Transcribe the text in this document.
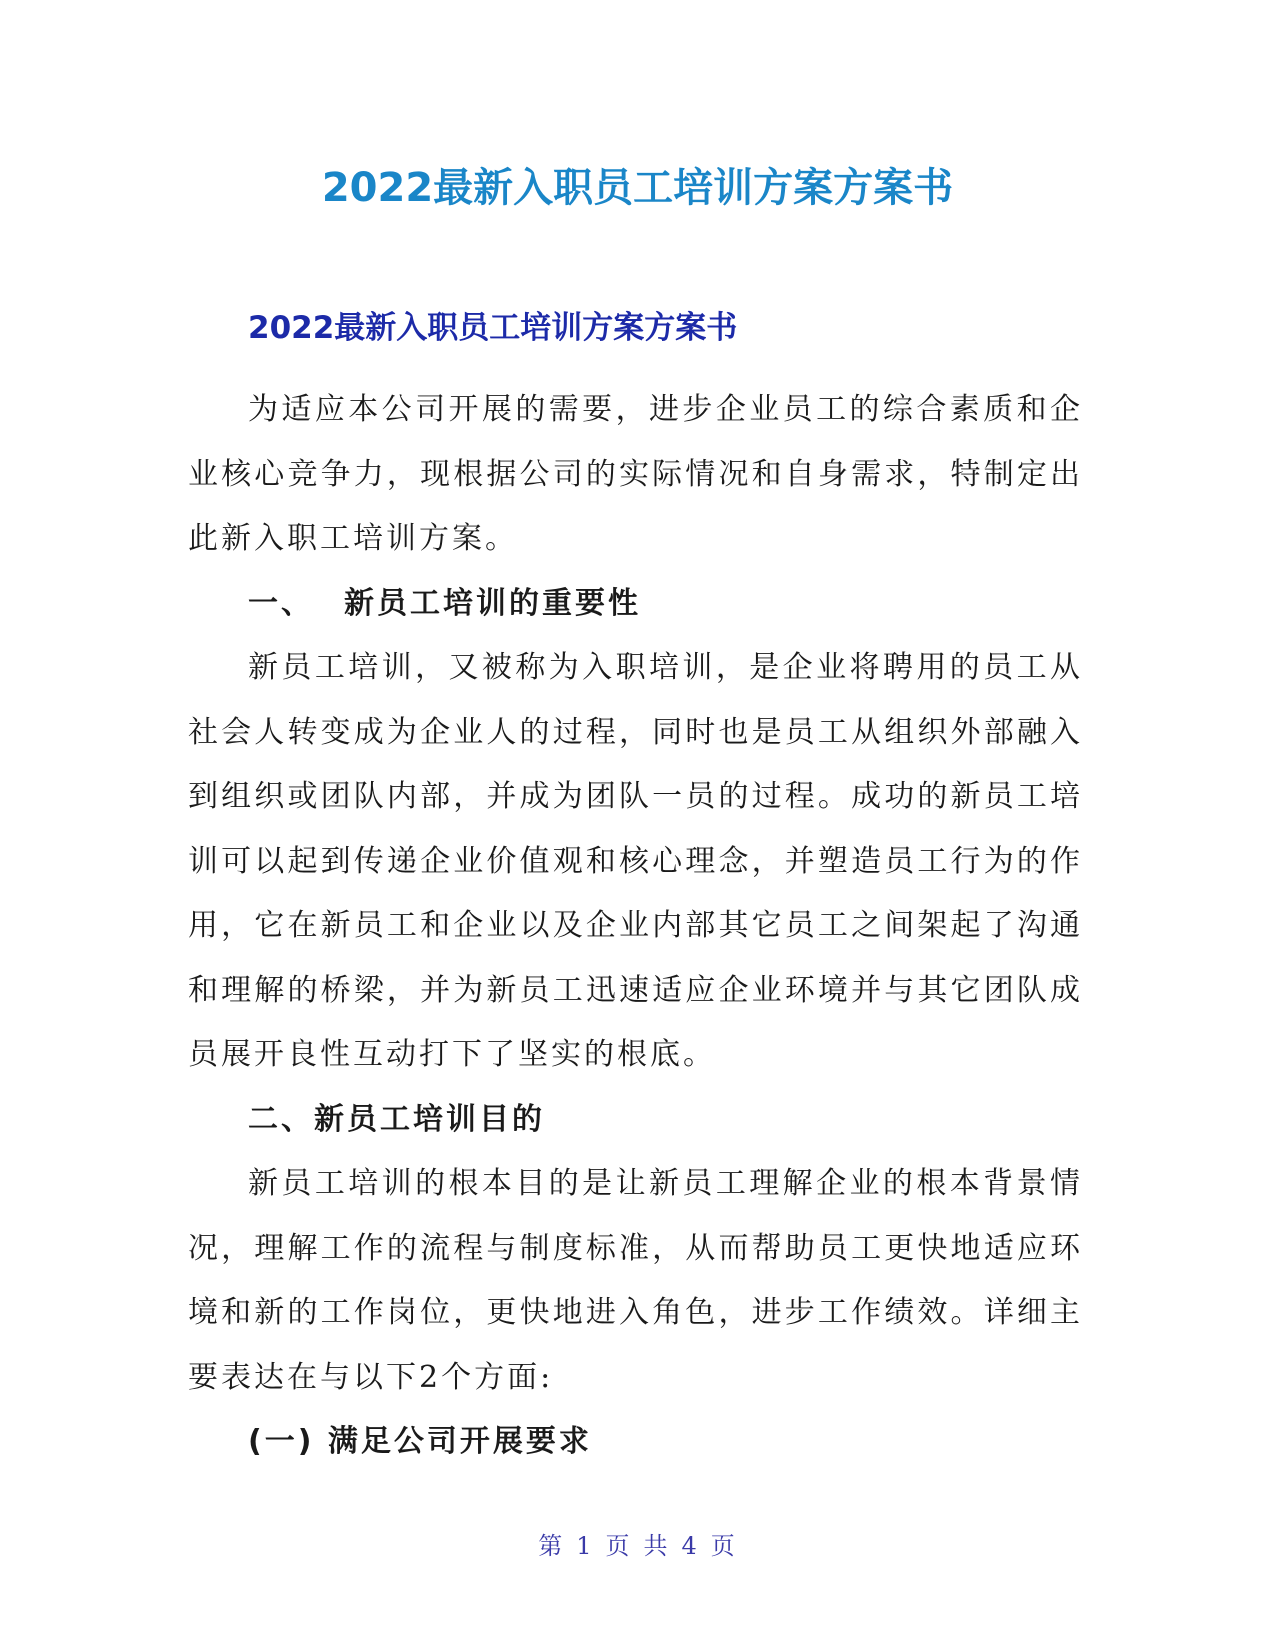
2022最新入职员工培训方案方案书
2022最新入职员工培训方案方案书

为适应本公司开展的需要，进步企业员工的综合素质和企业核心竞争力，现根据公司的实际情况和自身需求，特制定出此新入职工培训方案。

一、 新员工培训的重要性

新员工培训，又被称为入职培训，是企业将聘用的员工从社会人转变成为企业人的过程，同时也是员工从组织外部融入到组织或团队内部，并成为团队一员的过程。成功的新员工培训可以起到传递企业价值观和核心理念，并塑造员工行为的作用，它在新员工和企业以及企业内部其它员工之间架起了沟通和理解的桥梁，并为新员工迅速适应企业环境并与其它团队成员展开良性互动打下了坚实的根底。

二、新员工培训目的

新员工培训的根本目的是让新员工理解企业的根本背景情况，理解工作的流程与制度标准，从而帮助员工更快地适应环境和新的工作岗位，更快地进入角色，进步工作绩效。详细主要表达在与以下2个方面:

(一) 满足公司开展要求

第 1 页 共 4 页
